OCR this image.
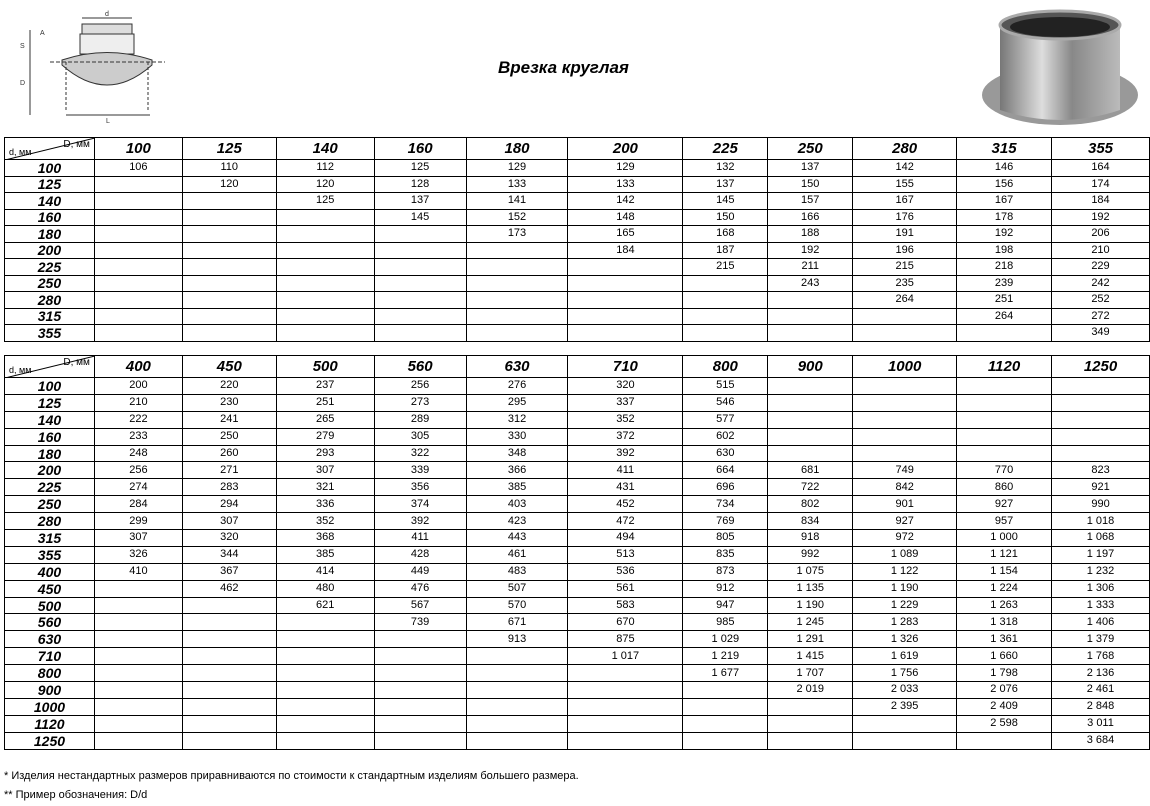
d
A
S
D
L
Врезка круглая
D, мм
d, мм	100	125	140	160	180	200	225	250	280	315	355
100	106	110	112	125	129	129	132	137	142	146	164
125		120	120	128	133	133	137	150	155	156	174
140			125	137	141	142	145	157	167	167	184
160				145	152	148	150	166	176	178	192
180					173	165	168	188	191	192	206
200						184	187	192	196	198	210
225							215	211	215	218	229
250								243	235	239	242
280									264	251	252
315										264	272
355											349
D, мм
d, мм	400	450	500	560	630	710	800	900	1000	1120	1250
100	200	220	237	256	276	320	515				
125	210	230	251	273	295	337	546				
140	222	241	265	289	312	352	577				
160	233	250	279	305	330	372	602				
180	248	260	293	322	348	392	630				
200	256	271	307	339	366	411	664	681	749	770	823
225	274	283	321	356	385	431	696	722	842	860	921
250	284	294	336	374	403	452	734	802	901	927	990
280	299	307	352	392	423	472	769	834	927	957	1 018
315	307	320	368	411	443	494	805	918	972	1 000	1 068
355	326	344	385	428	461	513	835	992	1 089	1 121	1 197
400	410	367	414	449	483	536	873	1 075	1 122	1 154	1 232
450		462	480	476	507	561	912	1 135	1 190	1 224	1 306
500			621	567	570	583	947	1 190	1 229	1 263	1 333
560				739	671	670	985	1 245	1 283	1 318	1 406
630					913	875	1 029	1 291	1 326	1 361	1 379
710						1 017	1 219	1 415	1 619	1 660	1 768
800							1 677	1 707	1 756	1 798	2 136
900								2 019	2 033	2 076	2 461
1000									2 395	2 409	2 848
1120										2 598	3 011
1250											3 684
* Изделия нестандартных размеров приравниваются по стоимости к стандартным изделиям большего размера.
** Пример обозначения: D/d
